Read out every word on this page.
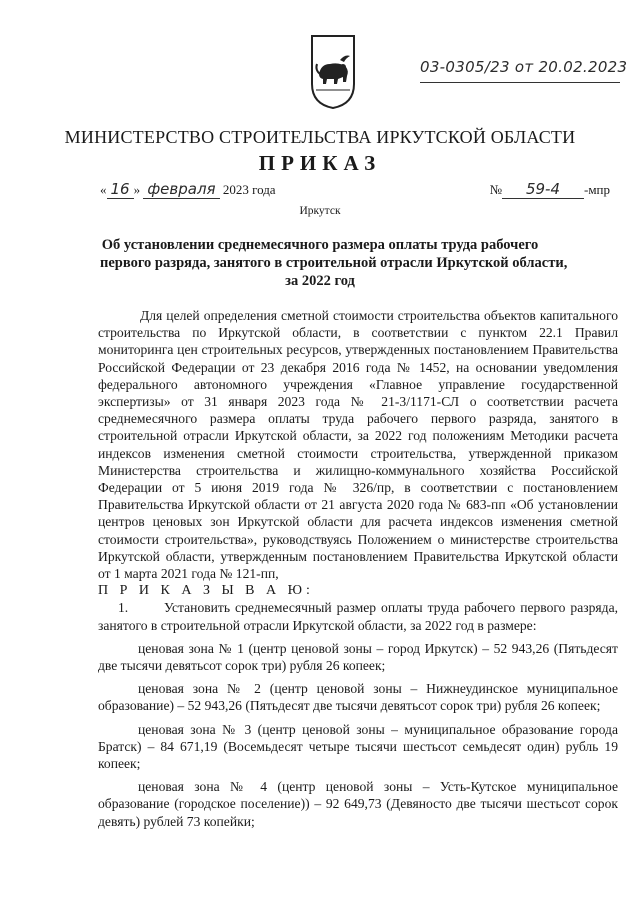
03-0305/23 от 20.02.2023
МИНИСТЕРСТВО СТРОИТЕЛЬСТВА ИРКУТСКОЙ ОБЛАСТИ
ПРИКАЗ
« 16 » февраля 2023 года	№ 59-4 -мпр
Иркутск
Об установлении среднемесячного размера оплаты труда рабочего
первого разряда, занятого в строительной отрасли Иркутской области,
за 2022 год

Для целей определения сметной стоимости строительства объектов капитального строительства по Иркутской области, в соответствии с пунктом 22.1 Правил мониторинга цен строительных ресурсов, утвержденных постановлением Правительства Российской Федерации от 23 декабря 2016 года № 1452, на основании уведомления федерального автономного учреждения «Главное управление государственной экспертизы» от 31 января 2023 года № 21-3/1171-СЛ о соответствии расчета среднемесячного размера оплаты труда рабочего первого разряда, занятого в строительной отрасли Иркутской области, за 2022 год положениям Методики расчета индексов изменения сметной стоимости строительства, утвержденной приказом Министерства строительства и жилищно-коммунального хозяйства Российской Федерации от 5 июня 2019 года № 326/пр, в соответствии с постановлением Правительства Иркутской области от 21 августа 2020 года № 683-пп «Об установлении центров ценовых зон Иркутской области для расчета индексов изменения сметной стоимости строительства», руководствуясь Положением о министерстве строительства Иркутской области, утвержденным постановлением Правительства Иркутской области от 1 марта 2021 года № 121-пп,

П Р И К А З Ы В А Ю:

1.	Установить среднемесячный размер оплаты труда рабочего первого разряда, занятого в строительной отрасли Иркутской области, за 2022 год в размере:

ценовая зона № 1 (центр ценовой зоны – город Иркутск) – 52 943,26 (Пятьдесят две тысячи девятьсот сорок три) рубля 26 копеек;

ценовая зона № 2 (центр ценовой зоны – Нижнеудинское муниципальное образование) – 52 943,26 (Пятьдесят две тысячи девятьсот сорок три) рубля 26 копеек;

ценовая зона № 3 (центр ценовой зоны – муниципальное образование города Братск) – 84 671,19 (Восемьдесят четыре тысячи шестьсот семьдесят один) рубль 19 копеек;

ценовая зона № 4 (центр ценовой зоны – Усть-Кутское муниципальное образование (городское поселение)) – 92 649,73 (Девяносто две тысячи шестьсот сорок девять) рублей 73 копейки;
